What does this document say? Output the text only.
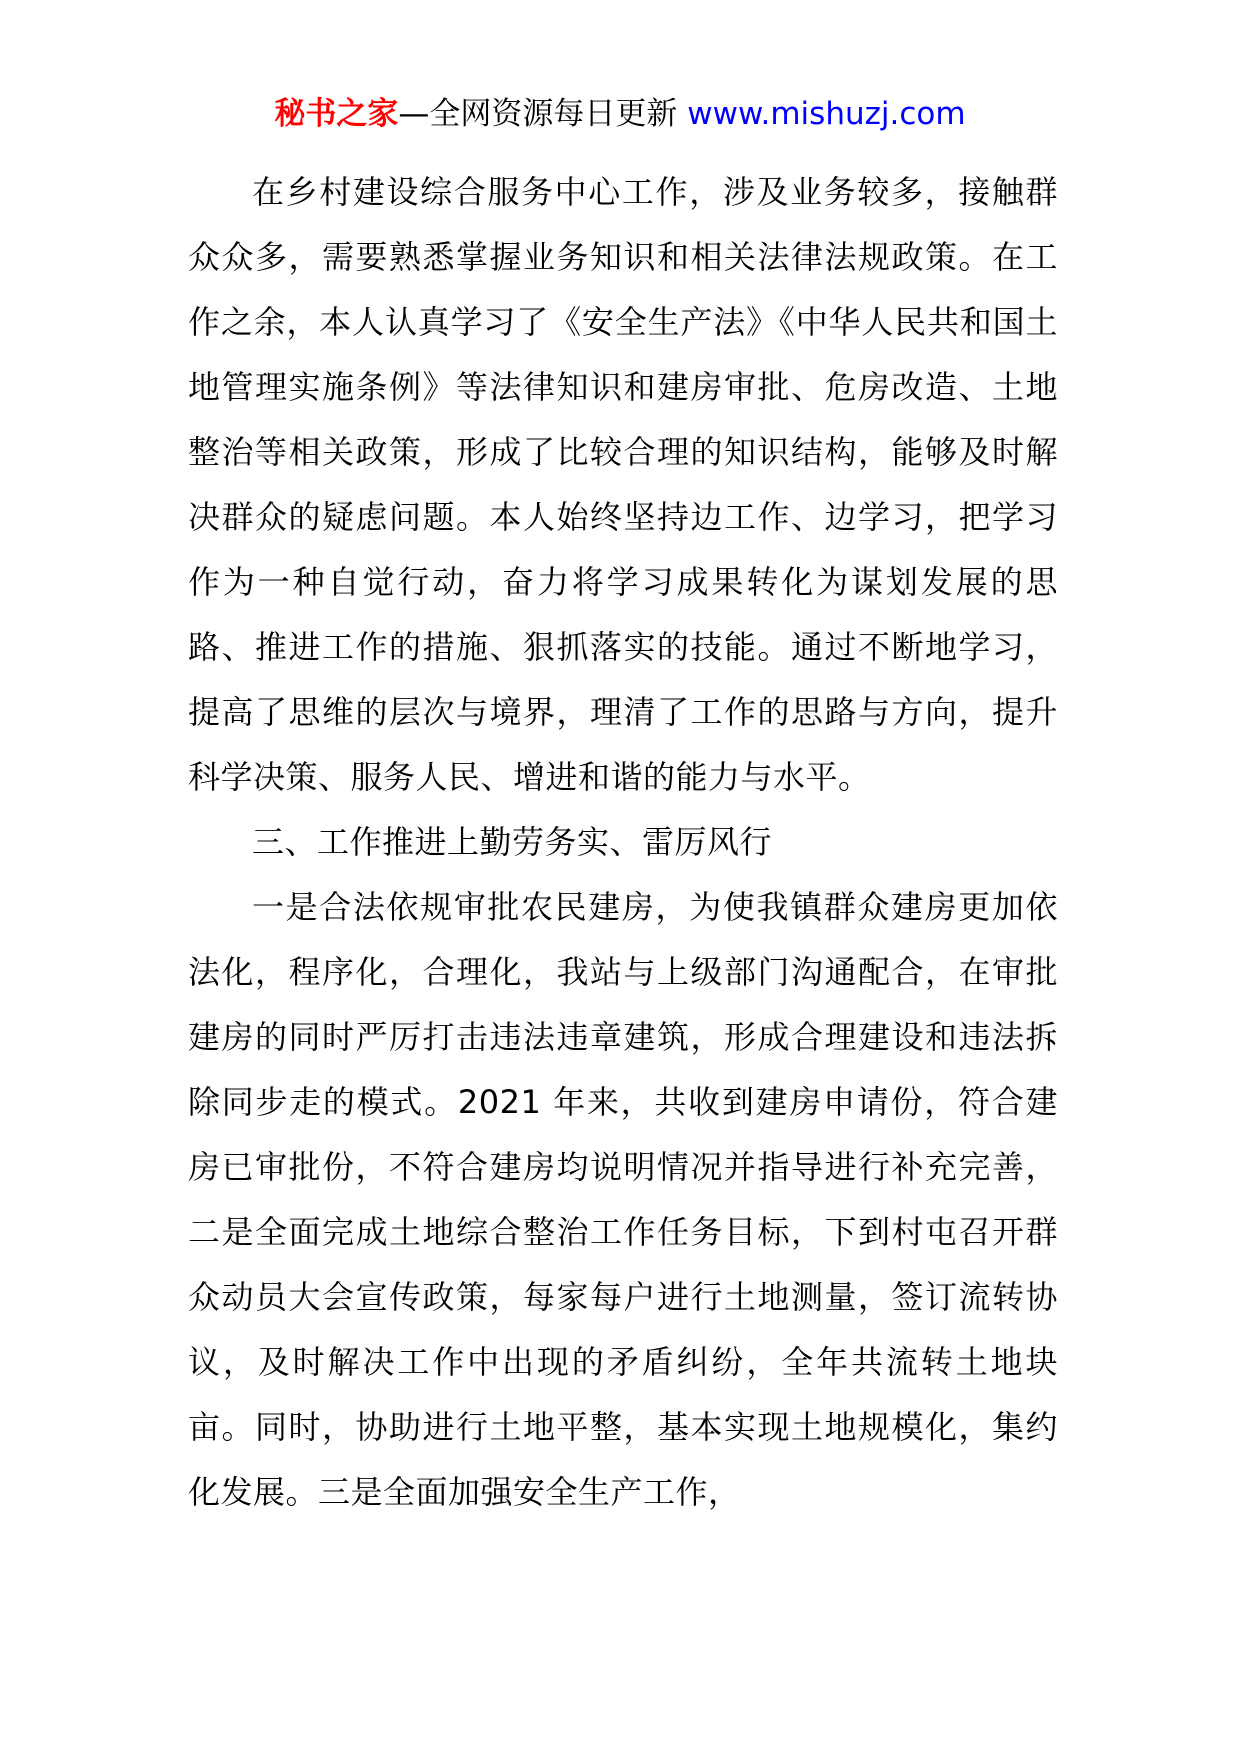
秘书之家—全网资源每日更新 www.mishuzj.com

在乡村建设综合服务中心工作，涉及业务较多，接触群众众多，需要熟悉掌握业务知识和相关法律法规政策。在工作之余，本人认真学习了《安全生产法》《中华人民共和国土地管理实施条例》等法律知识和建房审批、危房改造、土地整治等相关政策，形成了比较合理的知识结构，能够及时解决群众的疑虑问题。本人始终坚持边工作、边学习，把学习作为一种自觉行动，奋力将学习成果转化为谋划发展的思路、推进工作的措施、狠抓落实的技能。通过不断地学习，提高了思维的层次与境界，理清了工作的思路与方向，提升科学决策、服务人民、增进和谐的能力与水平。

三、工作推进上勤劳务实、雷厉风行

一是合法依规审批农民建房，为使我镇群众建房更加依法化，程序化，合理化，我站与上级部门沟通配合，在审批建房的同时严厉打击违法违章建筑，形成合理建设和违法拆除同步走的模式。2021 年来，共收到建房申请份，符合建房已审批份，不符合建房均说明情况并指导进行补充完善，二是全面完成土地综合整治工作任务目标，下到村屯召开群众动员大会宣传政策，每家每户进行土地测量，签订流转协议，及时解决工作中出现的矛盾纠纷，全年共流转土地块亩。同时，协助进行土地平整，基本实现土地规模化，集约化发展。三是全面加强安全生产工作，
